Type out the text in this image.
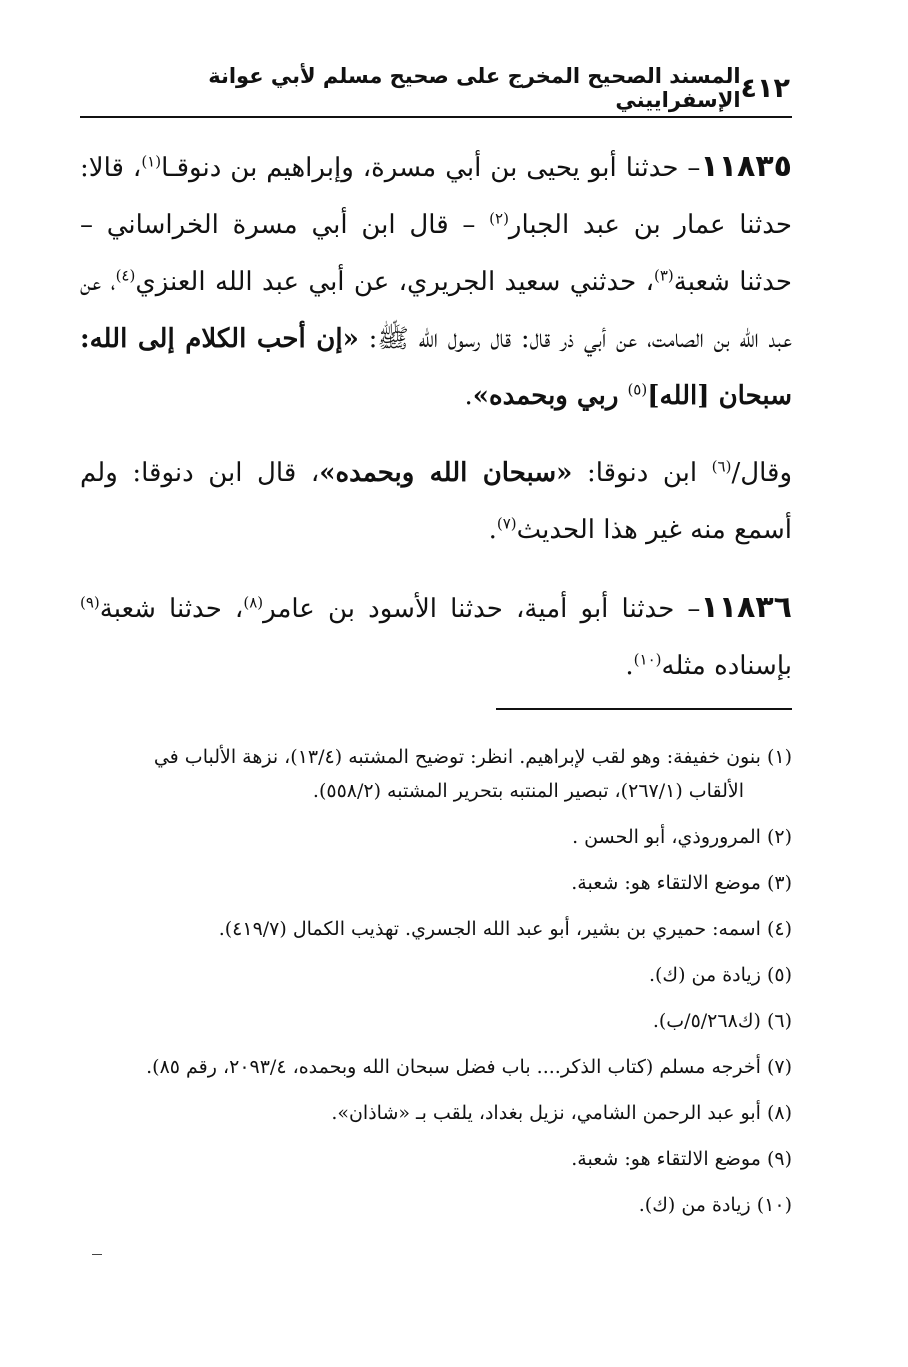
٤١٢
المسند الصحيح المخرج على صحيح مسلم لأبي عوانة الإسفراييني

١١٨٣٥– حدثنا أبو يحيى بن أبي مسرة، وإبراهيم بن دنوقـا$^{(١)}$، قالا: حدثنا عمار بن عبد الجبار$^{(٢)}$ – قال ابن أبي مسرة الخراساني – حدثنا شعبة$^{(٣)}$، حدثني سعيد الجريري، عن أبي عبد الله العنزي$^{(٤)}$، عن عبد الله بن الصامت، عن أبي ذر قال: قال رسول الله ﷺ: «إن أحب الكلام إلى الله: سبحان [الله]$^{(٥)}$ ربي وبحمده».

وقال/$^{(٦)}$ ابن دنوقا: «سبحان الله وبحمده»، قال ابن دنوقا: ولم أسمع منه غير هذا الحديث$^{(٧)}$.

١١٨٣٦– حدثنا أبو أمية، حدثنا الأسود بن عامر$^{(٨)}$، حدثنا شعبة$^{(٩)}$ بإسناده مثله$^{(١٠)}$.

(١) بنون خفيفة: وهو لقب لإبراهيم. انظر: توضيح المشتبه (١٣/٤)، نزهة الألباب في
الألقاب (٢٦٧/١)، تبصير المنتبه بتحرير المشتبه (٥٥٨/٢).

(٢) المروروذي، أبو الحسن .

(٣) موضع الالتقاء هو: شعبة.

(٤) اسمه: حميري بن بشير، أبو عبد الله الجسري. تهذيب الكمال (٤١٩/٧).

(٥) زيادة من (ك).

(٦) (ك٥/٢٦٨/ب).

(٧) أخرجه مسلم (كتاب الذكر.... باب فضل سبحان الله وبحمده، ٢٠٩٣/٤، رقم ٨٥).

(٨) أبو عبد الرحمن الشامي، نزيل بغداد، يلقب بـ «شاذان».

(٩) موضع الالتقاء هو: شعبة.

(١٠) زيادة من (ك).
